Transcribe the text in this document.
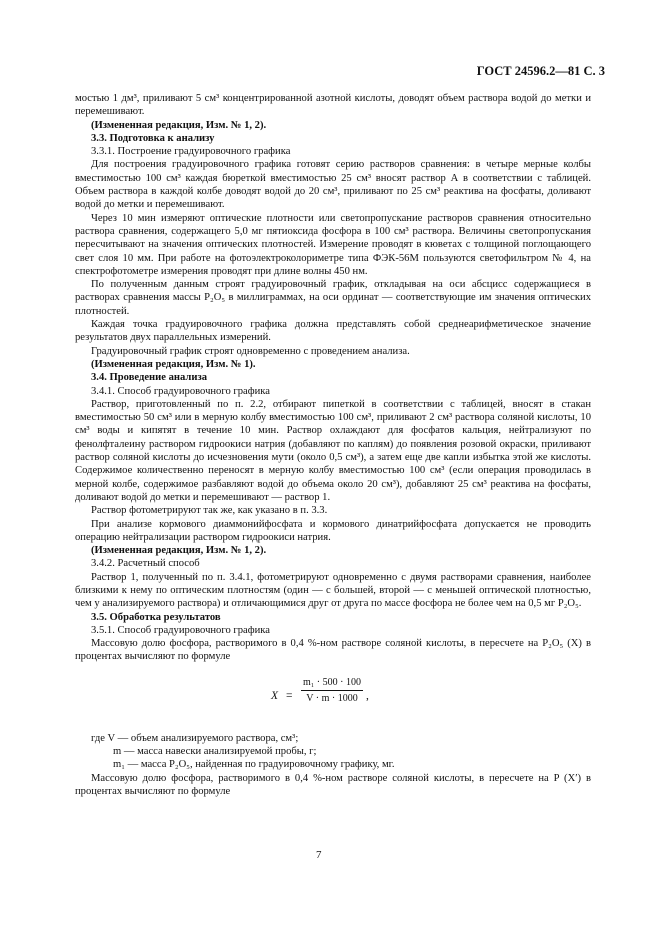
ГОСТ 24596.2—81 С. 3

мостью 1 дм³, приливают 5 см³ концентрированной азотной кислоты, доводят объем раствора водой до метки и перемешивают.

(Измененная редакция, Изм. № 1, 2).

3.3. Подготовка к анализу

3.3.1. Построение градуировочного графика

Для построения градуировочного графика готовят серию растворов сравнения: в четыре мерные колбы вместимостью 100 см³ каждая бюреткой вместимостью 25 см³ вносят раствор А в соответствии с таблицей. Объем раствора в каждой колбе доводят водой до 20 см³, приливают по 25 см³ реактива на фосфаты, доливают водой до метки и перемешивают.

Через 10 мин измеряют оптические плотности или светопропускание растворов сравнения относительно раствора сравнения, содержащего 5,0 мг пятиоксида фосфора в 100 см³ раствора. Величины светопропускания пересчитывают на значения оптических плотностей. Измерение проводят в кюветах с толщиной поглощающего свет слоя 10 мм. При работе на фотоэлектроколориметре типа ФЭК-56М пользуются светофильтром № 4, на спектрофотометре измерения проводят при длине волны 450 нм.

По полученным данным строят градуировочный график, откладывая на оси абсцисс содержащиеся в растворах сравнения массы P₂O₅ в миллиграммах, на оси ординат — соответствующие им значения оптических плотностей.

Каждая точка градуировочного графика должна представлять собой среднеарифметическое значение результатов двух параллельных измерений.

Градуировочный график строят одновременно с проведением анализа.

(Измененная редакция, Изм. № 1).

3.4. Проведение анализа

3.4.1. Способ градуировочного графика

Раствор, приготовленный по п. 2.2, отбирают пипеткой в соответствии с таблицей, вносят в стакан вместимостью 50 см³ или в мерную колбу вместимостью 100 см³, приливают 2 см³ раствора соляной кислоты, 10 см³ воды и кипятят в течение 10 мин. Раствор охлаждают для фосфатов кальция, нейтрализуют по фенолфталеину раствором гидроокиси натрия (добавляют по каплям) до появления розовой окраски, приливают раствор соляной кислоты до исчезновения мути (около 0,5 см³), а затем еще две капли избытка этой же кислоты. Содержимое количественно переносят в мерную колбу вместимостью 100 см³ (если операция проводилась в мерной колбе, содержимое разбавляют водой до объема около 20 см³), добавляют 25 см³ реактива на фосфаты, доливают водой до метки и перемешивают — раствор 1.

Раствор фотометрируют так же, как указано в п. 3.3.

При анализе кормового диаммонийфосфата и кормового динатрийфосфата допускается не проводить операцию нейтрализации раствором гидроокиси натрия.

(Измененная редакция, Изм. № 1, 2).

3.4.2. Расчетный способ

Раствор 1, полученный по п. 3.4.1, фотометрируют одновременно с двумя растворами сравнения, наиболее близкими к нему по оптическим плотностям (один — с большей, второй — с меньшей оптической плотностью, чем у анализируемого раствора) и отличающимися друг от друга по массе фосфора не более чем на 0,5 мг P₂O₅.

3.5. Обработка результатов

3.5.1. Способ градуировочного графика

Массовую долю фосфора, растворимого в 0,4 %-ном растворе соляной кислоты, в пересчете на P₂O₅ (X) в процентах вычисляют по формуле

$X = \frac{\text{m₁ · 500 · 100}}{V \cdot m \cdot 1000}$ ,

где V — объем анализируемого раствора, см³;

m — масса навески анализируемой пробы, г;

m₁ — масса P₂O₅, найденная по градуировочному графику, мг.

Массовую долю фосфора, растворимого в 0,4 %-ном растворе соляной кислоты, в пересчете на P (X′) в процентах вычисляют по формуле

7
